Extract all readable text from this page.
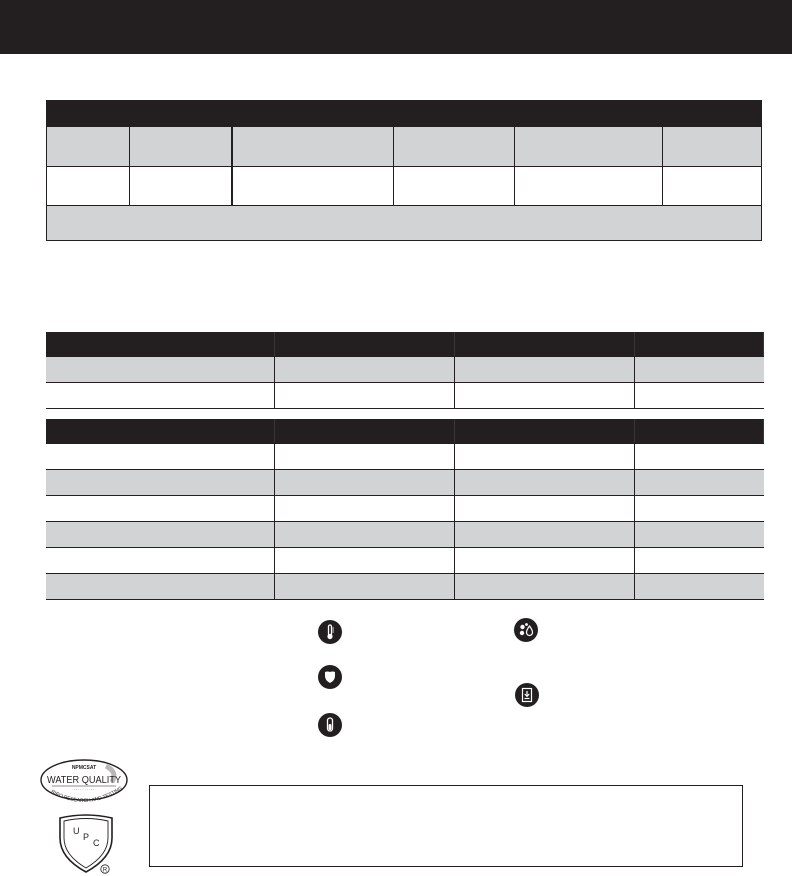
NPMCSAT
WATER QUALITY
· · · · · · · · · ·
RIRO RESEARCH AND TESTING
U
P
C
R
